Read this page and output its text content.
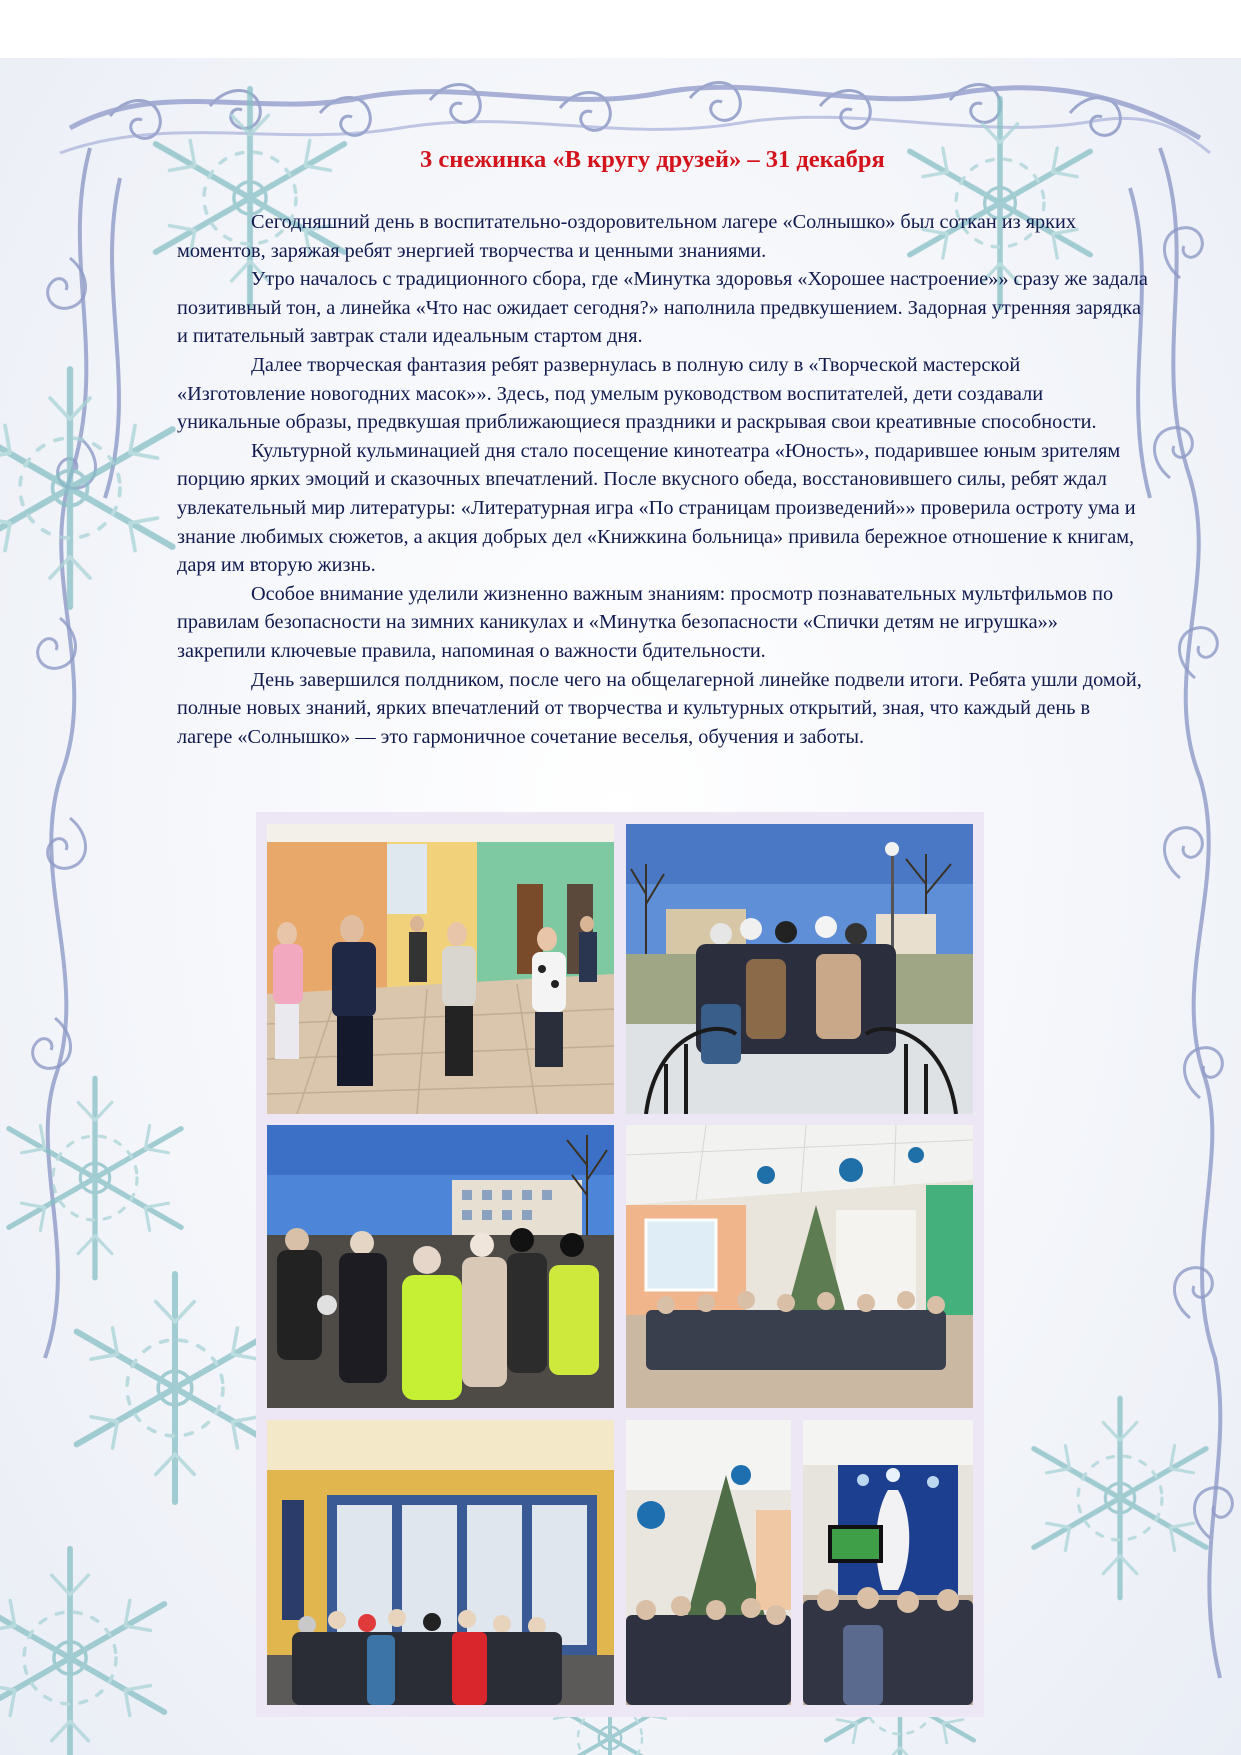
3 снежинка «В кругу друзей» – 31 декабря

Сегодняшний день в воспитательно-оздоровительном лагере «Солнышко» был соткан из ярких моментов, заряжая ребят энергией творчества и ценными знаниями.

Утро началось с традиционного сбора, где «Минутка здоровья «Хорошее настроение»» сразу же задала позитивный тон, а линейка «Что нас ожидает сегодня?» наполнила предвкушением. Задорная утренняя зарядка и питательный завтрак стали идеальным стартом дня.

Далее творческая фантазия ребят развернулась в полную силу в «Творческой мастерской «Изготовление новогодних масок»». Здесь, под умелым руководством воспитателей, дети создавали уникальные образы, предвкушая приближающиеся праздники и раскрывая свои креативные способности.

Культурной кульминацией дня стало посещение кинотеатра «Юность», подарившее юным зрителям порцию ярких эмоций и сказочных впечатлений. После вкусного обеда, восстановившего силы, ребят ждал увлекательный мир литературы: «Литературная игра «По страницам произведений»» проверила остроту ума и знание любимых сюжетов, а акция добрых дел «Книжкина больница» привила бережное отношение к книгам, даря им вторую жизнь.

Особое внимание уделили жизненно важным знаниям: просмотр познавательных мультфильмов по правилам безопасности на зимних каникулах и «Минутка безопасности «Спички детям не игрушка»» закрепили ключевые правила, напоминая о важности бдительности.

День завершился полдником, после чего на общелагерной линейке подвели итоги. Ребята ушли домой, полные новых знаний, ярких впечатлений от творчества и культурных открытий, зная, что каждый день в лагере «Солнышко» — это гармоничное сочетание веселья, обучения и заботы.
